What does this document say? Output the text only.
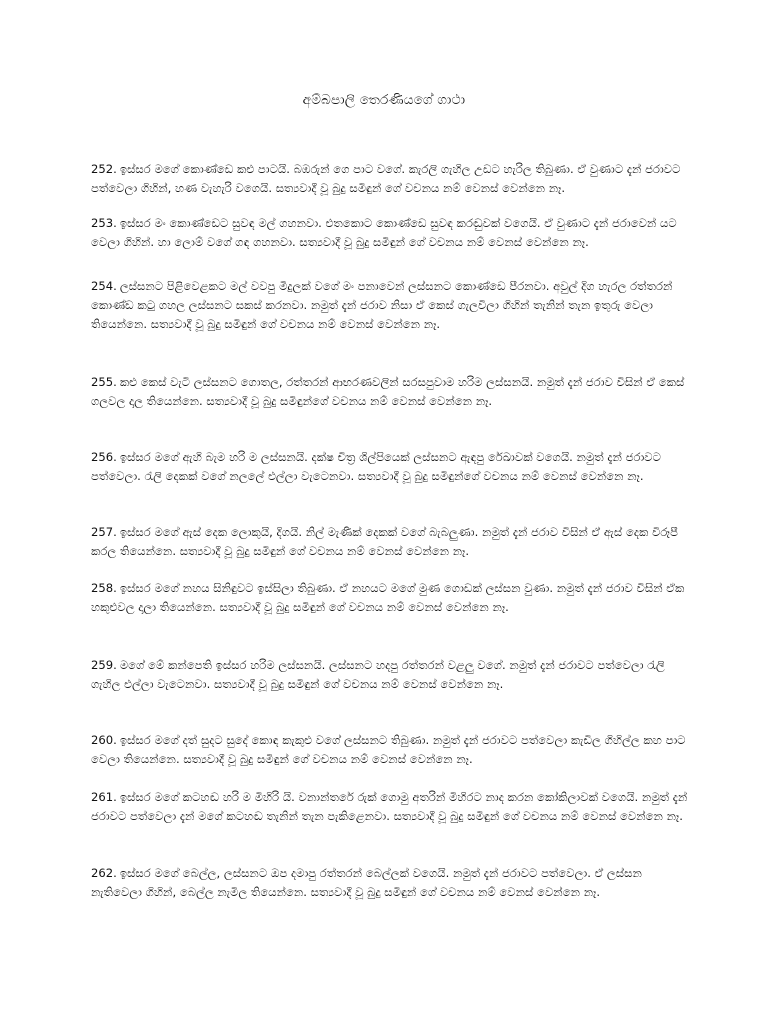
අම්බපාලි තෙරණියගේ ගාථා

252. ඉස්සර මගේ කොණ්ඩෙ කළු පාටයි. බඹරුන් ගෙ පාට වගේ. කැරලි ගැහිල උඩට හැරිල තිබුණා. ඒ වුණාට දැන් ජරාවට පත්වෙලා ගිහින්, හණ වැහැරි වගෙයි. සත්‍යවාදී වූ බුදු සමිඳුන් ගේ වචනය නම් වෙනස් වෙන්නෙ නෑ.

253. ඉස්සර මං කොණ්ඩෙට සුවඳ මල් ගහනවා. එතකොට කොණ්ඩෙ සුවඳ කරඬුවක් වගෙයි. ඒ වුණාට දැන් ජරාවෙන් යට වෙලා ගිහින්. හා ලොම් වගේ ගඳ ගහනවා. සත්‍යවාදී වූ බුදු සමිඳුන් ගේ වචනය නම් වෙනස් වෙන්නෙ නෑ.

254. ලස්සනට පිළිවෙළකට මල් වවපු මීදුලක් වගේ මං පනාවෙන් ලස්සනට කොණ්ඩෙ පීරනවා. අවුල් දිග හැරල රත්තරන් කොණ්ඩ කටු ගහල ලස්සනට සකස් කරනවා. නමුත් දැන් ජරාව නිසා ඒ කෙස් ගැලවිලා ගිහින් තැනින් තැන ඉතුරු වෙලා තියෙන්නෙ. සත්‍යවාදී වූ බුදු සමිඳුන් ගේ වචනය නම් වෙනස් වෙන්නෙ නෑ.

255. කළු කෙස් වැටි ලස්සනට ගොතල, රත්තරන් ආභරණවලින් සරසපුවාම හරිම ලස්සනයි. නමුත් දැන් ජරාව විසින් ඒ කෙස් ගලවල දාල තියෙන්නෙ. සත්‍යවාදී වූ බුදු සමිඳුන්ගේ වචනය නම් වෙනස් වෙන්නෙ නෑ.

256. ඉස්සර මගේ ඇහි බැම හරි ම ලස්සනයි. දක්ෂ චිත්‍ර ශිල්පියෙක් ලස්සනට ඇඳපු රේඛාවක් වගෙයි. නමුත් දැන් ජරාවට පත්වෙලා. රැලි දෙකක් වගේ නලලේ එල්ලා වැටෙනවා. සත්‍යවාදී වූ බුදු සමිඳුන්ගේ වචනය නම් වෙනස් වෙන්නෙ නෑ.

257. ඉස්සර මගේ ඇස් දෙක ලොකුයි, දිගයි. නිල් මැණික් දෙකක් වගේ බැබලුණා. නමුත් දැන් ජරාව විසින් ඒ ඇස් දෙක විරූපී කරල තියෙන්නෙ. සත්‍යවාදී වූ බුදු සමිඳුන් ගේ වචනය නම් වෙනස් වෙන්නෙ නෑ.

258. ඉස්සර මගේ නහය සිනිඳුවට ඉස්සිලා තිබුණා. ඒ නහයට මගේ මුණ ගොඩක් ලස්සන වුණා. නමුත් දැන් ජරාව විසින් ඒක හකුළුවල දාලා තියෙන්නෙ. සත්‍යවාදී වූ බුදු සමිඳුන් ගේ වචනය නම් වෙනස් වෙන්නෙ නෑ.

259. මගේ මේ කන්පෙති ඉස්සර හරිම ලස්සනයි. ලස්සනට හදපු රත්තරන් වළලු වගේ. නමුත් දැන් ජරාවට පත්වෙලා රැලි ගැහිල එල්ලා වැටෙනවා. සත්‍යවාදී වූ බුදු සමිඳුන් ගේ වචනය නම් වෙනස් වෙන්නෙ නෑ.

260. ඉස්සර මගේ දත් සුදට සුදේ කොඳ කැකුළු වගේ ලස්සනට තිබුණා. නමුත් දැන් ජරාවට පත්වෙලා කැඩිල ගිහිල්ල කහ පාට වෙලා තියෙන්නෙ. සත්‍යවාදී වූ බුදු සමිඳුන් ගේ වචනය නම් වෙනස් වෙන්නෙ නෑ.

261. ඉස්සර මගේ කටහඬ හරි ම මිහිරි යි. වනාන්තරේ රුක් ගොමු අතරින් මිහිරට නාද කරන කෝකිලාවක් වගෙයි. නමුත් දැන් ජරාවට පත්වෙලා දැන් මගේ කටහඬ තැනින් තැන පැකිළෙනවා. සත්‍යවාදී වූ බුදු සමිඳුන් ගේ වචනය නම් වෙනස් වෙන්නෙ නෑ.

262. ඉස්සර මගේ බෙල්ල, ලස්සනට ඔප දමාපු රත්තරන් බෙල්ලක් වගෙයි. නමුත් දැන් ජරාවට පත්වෙලා. ඒ ලස්සන නැතිවෙලා ගිහින්, බෙල්ල නැමිල තියෙන්නෙ. සත්‍යවාදී වූ බුදු සමිඳුන් ගේ වචනය නම් වෙනස් වෙන්නෙ නෑ.
